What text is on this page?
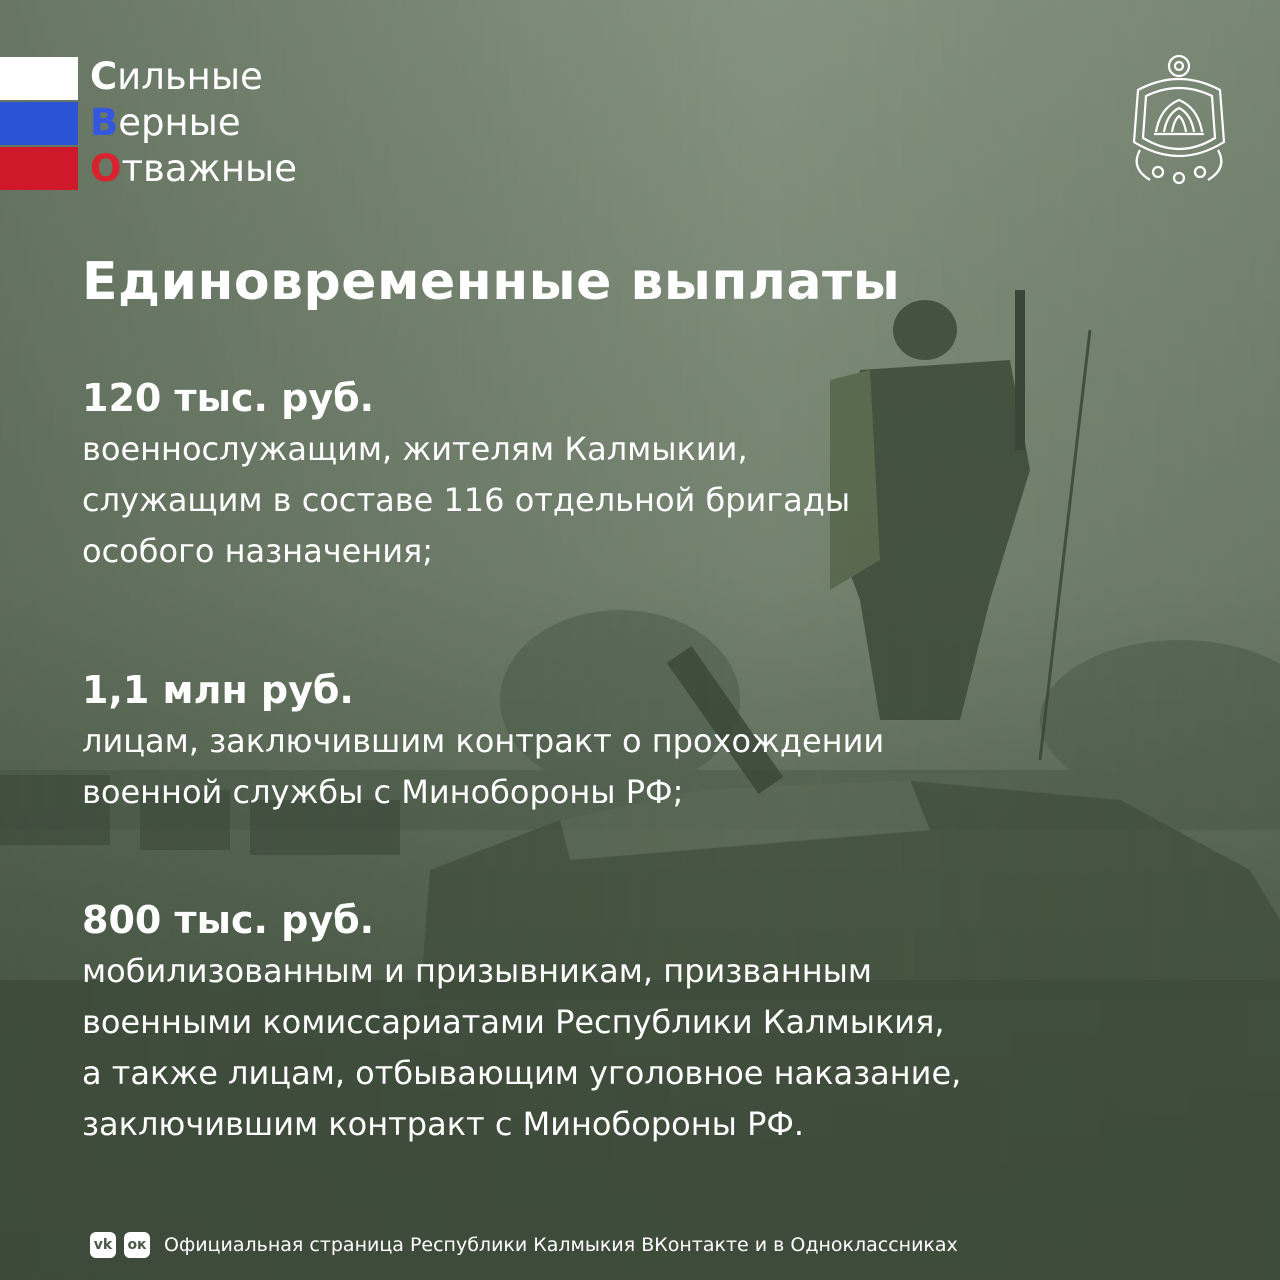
Сильные
Верные
Отважные
Единовременные выплаты
120 тыс. руб.
военнослужащим, жителям Калмыкии,
служащим в составе 116 отдельной бригады
особого назначения;
1,1 млн руб.
лицам, заключившим контракт о прохождении
военной службы с Минобороны РФ;
800 тыс. руб.
мобилизованным и призывникам, призванным
военными комиссариатами Республики Калмыкия,
а также лицам, отбывающим уголовное наказание,
заключившим контракт с Минобороны РФ.
vk ок Официальная страница Республики Калмыкия ВКонтакте и в Одноклассниках
